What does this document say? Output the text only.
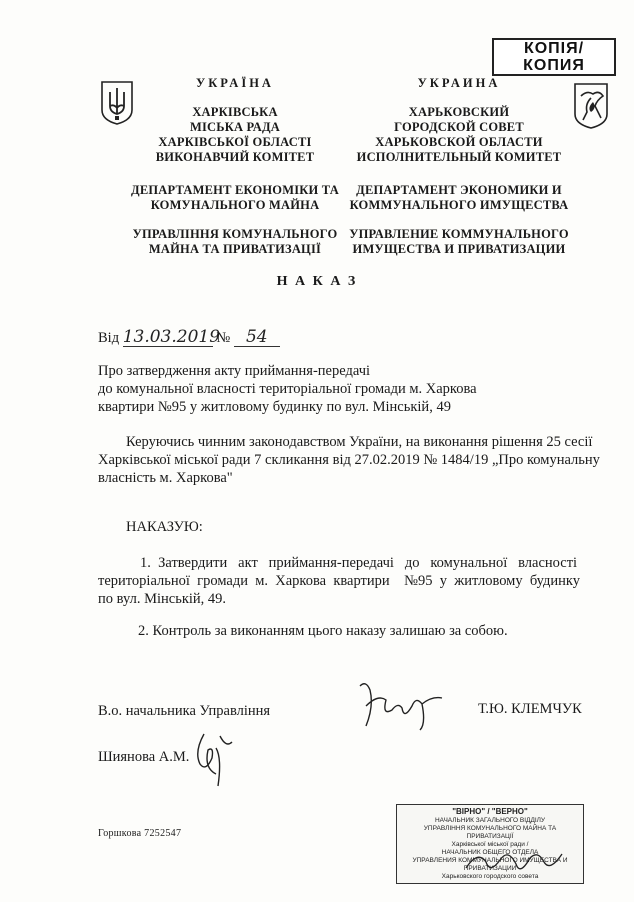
КОПІЯ/
КОПИЯ
УКРАЇНА
ХАРКІВСЬКА
МІСЬКА РАДА
ХАРКІВСЬКОЇ ОБЛАСТІ
ВИКОНАВЧИЙ КОМІТЕТ
ДЕПАРТАМЕНТ ЕКОНОМІКИ ТА
КОМУНАЛЬНОГО МАЙНА
УПРАВЛІННЯ КОМУНАЛЬНОГО
МАЙНА ТА ПРИВАТИЗАЦІЇ
УКРАИНА
ХАРЬКОВСКИЙ
ГОРОДСКОЙ СОВЕТ
ХАРЬКОВСКОЙ ОБЛАСТИ
ИСПОЛНИТЕЛЬНЫЙ КОМИТЕТ
ДЕПАРТАМЕНТ ЭКОНОМИКИ И
КОММУНАЛЬНОГО ИМУЩЕСТВА
УПРАВЛЕНИЕ КОММУНАЛЬНОГО
ИМУЩЕСТВА И ПРИВАТИЗАЦИИ
Н А К А З
Від 13.03.2019 № 54
Про затвердження акту приймання-передачі
до комунальної власності територіальної громади м. Харкова
квартири №95 у житловому будинку по вул. Мінській, 49
Керуючись чинним законодавством України, на виконання рішення 25 сесії
Харківської міської ради 7 скликання від 27.02.2019 № 1484/19 „Про комунальну
власність м. Харкова"
НАКАЗУЮ:
1.  Затвердити   акт   приймання-передачі   до   комунальної   власності
територіальної  громади  м.  Харкова  квартири    №95  у  житловому  будинку
по вул. Мінській, 49.
2. Контроль за виконанням цього наказу залишаю за собою.
В.о. начальника Управління	Т.Ю. КЛЕМЧУК
Шиянова А.М.
Горшкова 7252547
"ВІРНО" / "ВЕРНО"
НАЧАЛЬНИК ЗАГАЛЬНОГО ВІДДІЛУ
УПРАВЛІННЯ КОМУНАЛЬНОГО МАЙНА ТА ПРИВАТИЗАЦІЇ
Харківської міської ради /
НАЧАЛЬНИК ОБЩЕГО ОТДЕЛА
УПРАВЛЕНИЯ КОММУНАЛЬНОГО ИМУЩЕСТВА И ПРИВАТИЗАЦИИ
Харьковского городского совета
